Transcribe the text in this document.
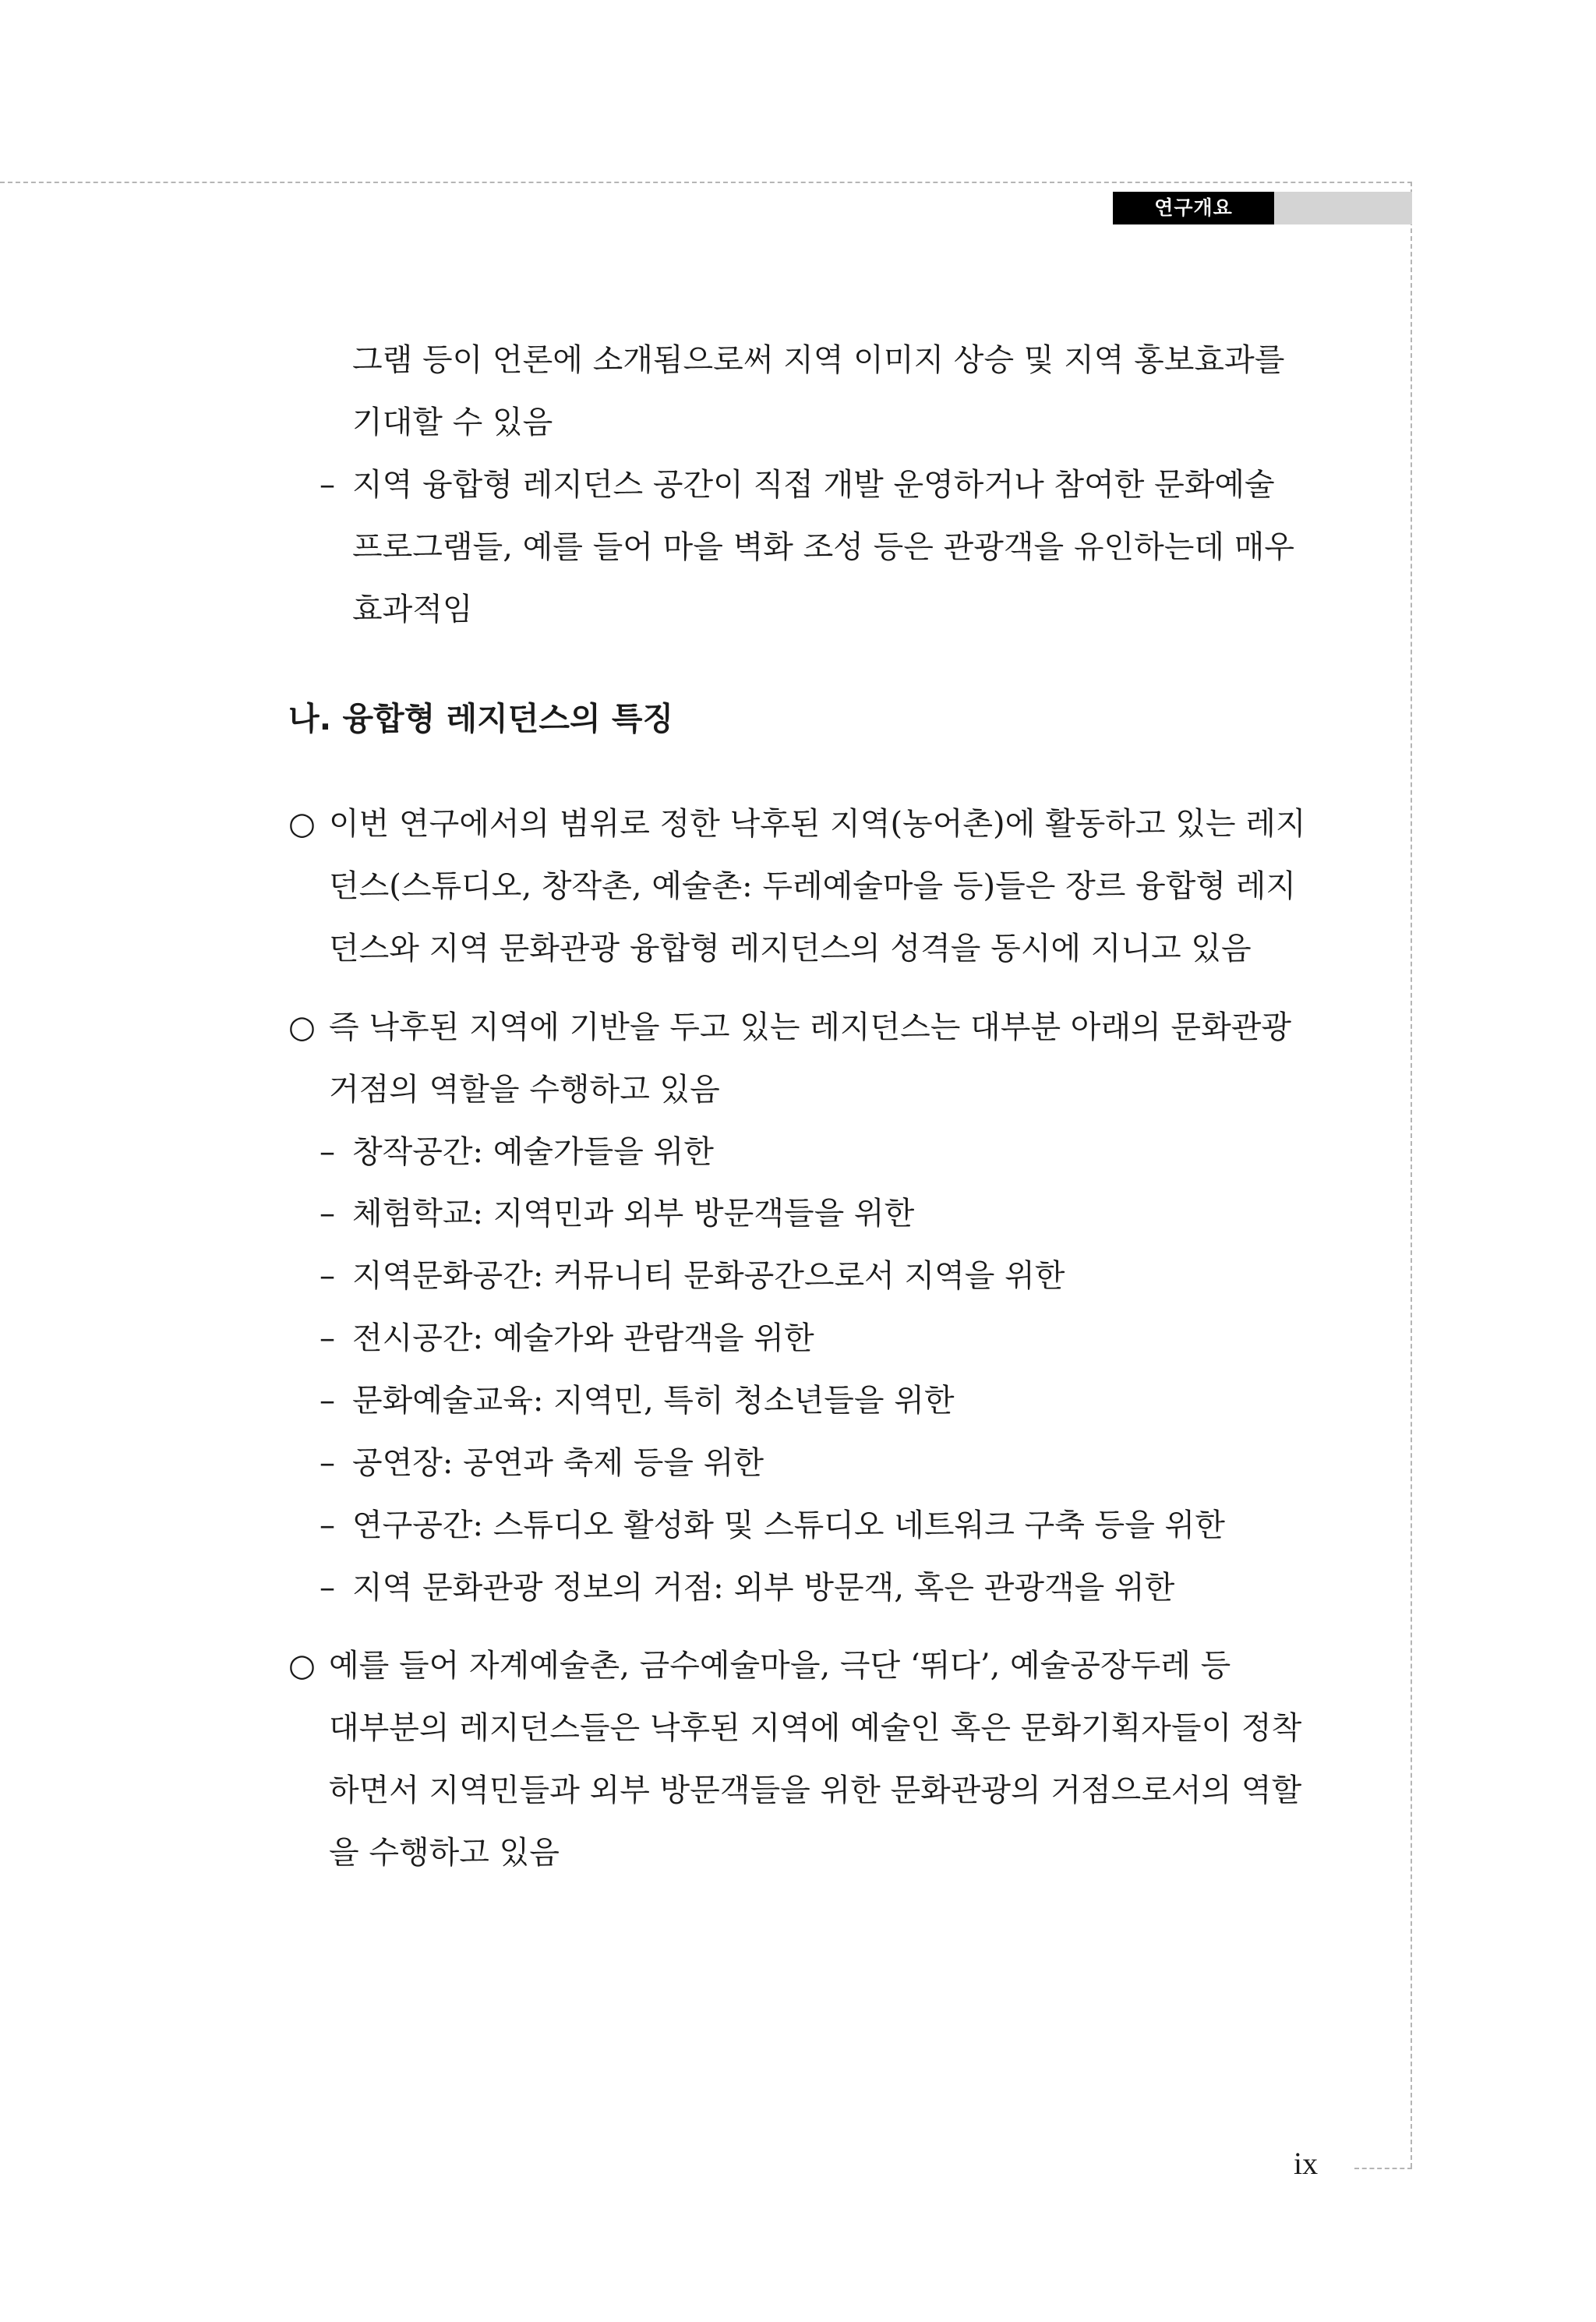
연구개요

그램 등이 언론에 소개됨으로써 지역 이미지 상승 및 지역 홍보효과를

기대할 수 있음

– 지역 융합형 레지던스 공간이 직접 개발 운영하거나 참여한 문화예술

프로그램들, 예를 들어 마을 벽화 조성 등은 관광객을 유인하는데 매우

효과적임

나. 융합형 레지던스의 특징
○ 이번 연구에서의 범위로 정한 낙후된 지역(농어촌)에 활동하고 있는 레지

던스(스튜디오, 창작촌, 예술촌: 두레예술마을 등)들은 장르 융합형 레지

던스와 지역 문화관광 융합형 레지던스의 성격을 동시에 지니고 있음

○ 즉 낙후된 지역에 기반을 두고 있는 레지던스는 대부분 아래의 문화관광

거점의 역할을 수행하고 있음

– 창작공간: 예술가들을 위한

– 체험학교: 지역민과 외부 방문객들을 위한

– 지역문화공간: 커뮤니티 문화공간으로서 지역을 위한

– 전시공간: 예술가와 관람객을 위한

– 문화예술교육: 지역민, 특히 청소년들을 위한

– 공연장: 공연과 축제 등을 위한

– 연구공간: 스튜디오 활성화 및 스튜디오 네트워크 구축 등을 위한

– 지역 문화관광 정보의 거점: 외부 방문객, 혹은 관광객을 위한

○ 예를 들어 자계예술촌, 금수예술마을, 극단 ‘뛰다’, 예술공장두레 등

대부분의 레지던스들은 낙후된 지역에 예술인 혹은 문화기획자들이 정착

하면서 지역민들과 외부 방문객들을 위한 문화관광의 거점으로서의 역할

을 수행하고 있음

ix
